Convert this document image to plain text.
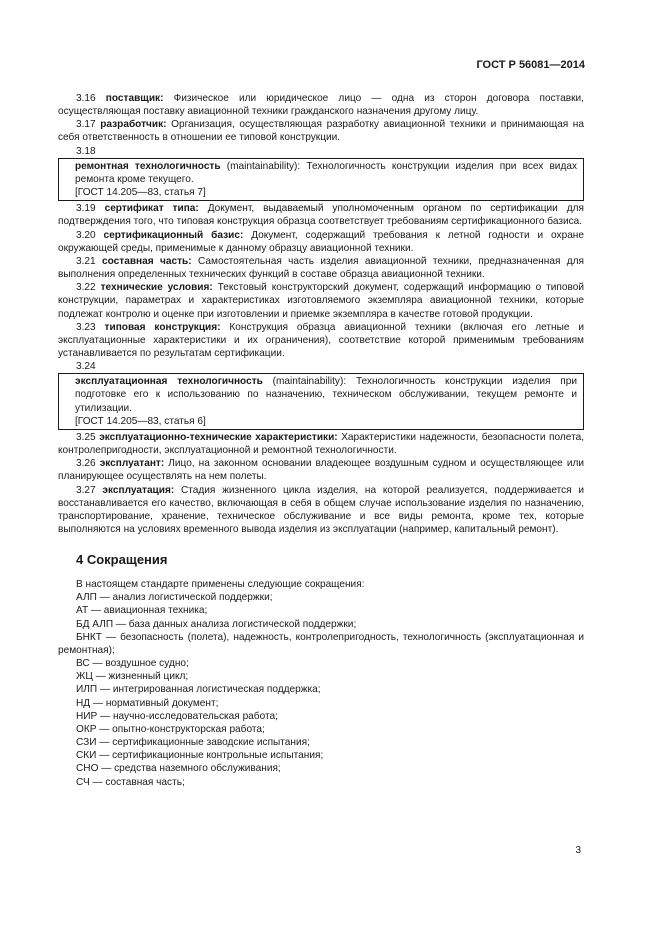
ГОСТ Р 56081—2014

3.16 поставщик: Физическое или юридическое лицо — одна из сторон договора поставки, осуществляющая поставку авиационной техники гражданского назначения другому лицу.

3.17 разработчик: Организация, осуществляющая разработку авиационной техники и принимающая на себя ответственность в отношении ее типовой конструкции.

3.18

ремонтная технологичность (maintainability): Технологичность конструкции изделия при всех видах ремонта кроме текущего.

[ГОСТ 14.205—83, статья 7]

3.19 сертификат типа: Документ, выдаваемый уполномоченным органом по сертификации для подтверждения того, что типовая конструкция образца соответствует требованиям сертификационного базиса.

3.20 сертификационный базис: Документ, содержащий требования к летной годности и охране окружающей среды, применимые к данному образцу авиационной техники.

3.21 составная часть: Самостоятельная часть изделия авиационной техники, предназначенная для выполнения определенных технических функций в составе образца авиационной техники.

3.22 технические условия: Текстовый конструкторский документ, содержащий информацию о типовой конструкции, параметрах и характеристиках изготовляемого экземпляра авиационной техники, которые подлежат контролю и оценке при изготовлении и приемке экземпляра в качестве готовой продукции.

3.23 типовая конструкция: Конструкция образца авиационной техники (включая его летные и эксплуатационные характеристики и их ограничения), соответствие которой применимым требованиям устанавливается по результатам сертификации.

3.24

эксплуатационная технологичность (maintainability): Технологичность конструкции изделия при подготовке его к использованию по назначению, техническом обслуживании, текущем ремонте и утилизации.

[ГОСТ 14.205—83, статья 6]

3.25 эксплуатационно-технические характеристики: Характеристики надежности, безопасности полета, контролепригодности, эксплуатационной и ремонтной технологичности.

3.26 эксплуатант: Лицо, на законном основании владеющее воздушным судном и осуществляющее или планирующее осуществлять на нем полеты.

3.27 эксплуатация: Стадия жизненного цикла изделия, на которой реализуется, поддерживается и восстанавливается его качество, включающая в себя в общем случае использование изделия по назначению, транспортирование, хранение, техническое обслуживание и все виды ремонта, кроме тех, которые выполняются на условиях временного вывода изделия из эксплуатации (например, капитальный ремонт).

4 Сокращения

В настоящем стандарте применены следующие сокращения:

АЛП — анализ логистической поддержки;

АТ — авиационная техника;

БД АЛП — база данных анализа логистической поддержки;

БНКТ — безопасность (полета), надежность, контролепригодность, технологичность (эксплуатационная и ремонтная);

ВС — воздушное судно;

ЖЦ — жизненный цикл;

ИЛП — интегрированная логистическая поддержка;

НД — нормативный документ;

НИР — научно-исследовательская работа;

ОКР — опытно-конструкторская работа;

СЗИ — сертификационные заводские испытания;

СКИ — сертификационные контрольные испытания;

СНО — средства наземного обслуживания;

СЧ — составная часть;

3
